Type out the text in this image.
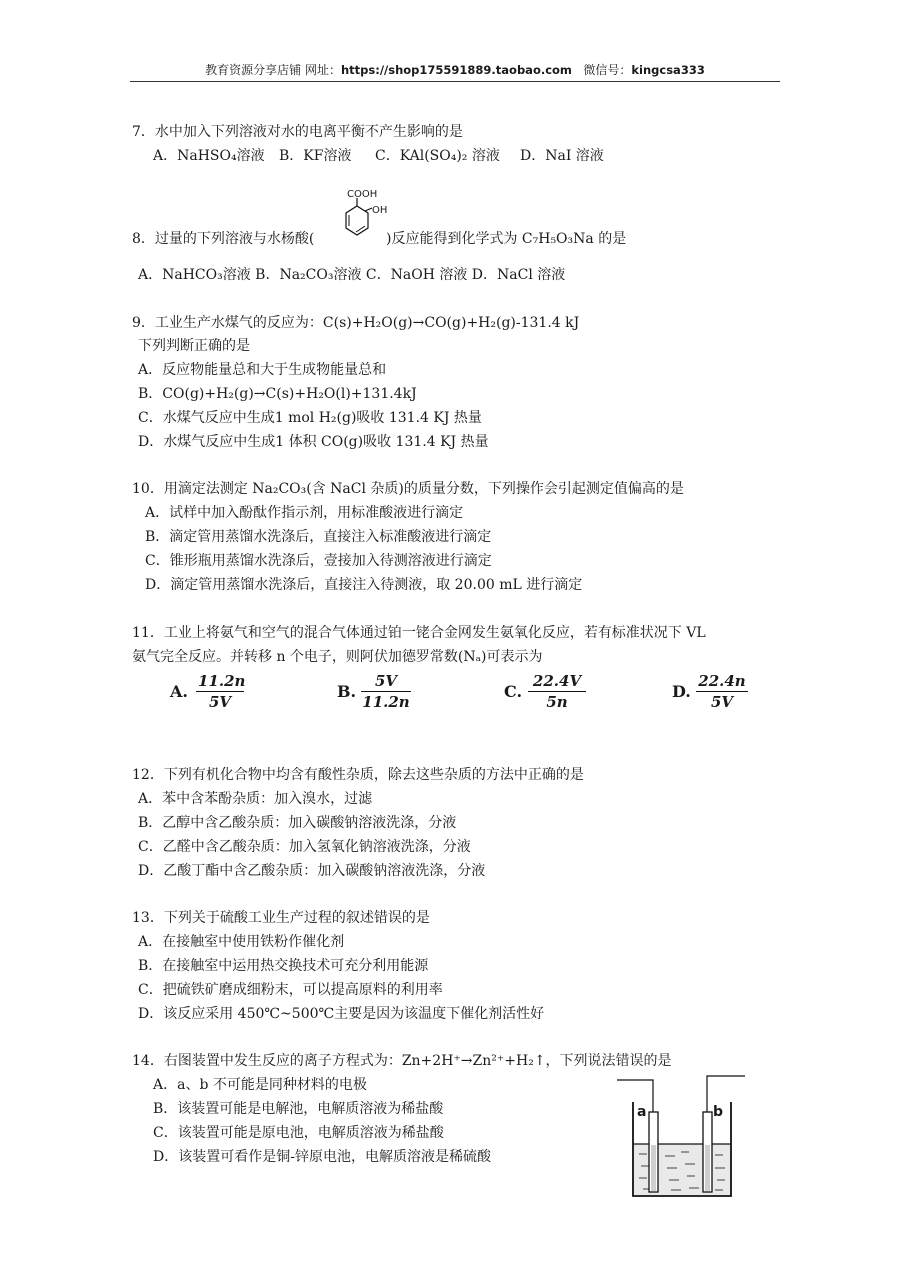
教育资源分享店铺 网址：https://shop175591889.taobao.com 微信号：kingcsa333
7．水中加入下列溶液对水的电离平衡不产生影响的是
A．NaHSO₄溶液 B．KF溶液 C．KAl(SO₄)₂ 溶液 D．NaI 溶液
COOH
OH
8．过量的下列溶液与水杨酸(	)反应能得到化学式为 C₇H₅O₃Na 的是
A．NaHCO₃溶液 B．Na₂CO₃溶液 C．NaOH 溶液 D．NaCl 溶液
9．工业生产水煤气的反应为：C(s)+H₂O(g)→CO(g)+H₂(g)-131.4 kJ
下列判断正确的是
A．反应物能量总和大于生成物能量总和
B．CO(g)+H₂(g)→C(s)+H₂O(l)+131.4kJ
C．水煤气反应中生成1 mol H₂(g)吸收 131.4 KJ 热量
D．水煤气反应中生成1 体积 CO(g)吸收 131.4 KJ 热量
10．用滴定法测定 Na₂CO₃(含 NaCl 杂质)的质量分数，下列操作会引起测定值偏高的是
A．试样中加入酚酞作指示剂，用标准酸液进行滴定
B．滴定管用蒸馏水洗涤后，直接注入标准酸液进行滴定
C．锥形瓶用蒸馏水洗涤后，壹接加入待测溶液进行滴定
D．滴定管用蒸馏水洗涤后，直接注入待测液，取 20.00 mL 进行滴定
11．工业上将氨气和空气的混合气体通过铂一铑合金网发生氨氧化反应，若有标准状况下 VL
氨气完全反应。并转移 n 个电子，则阿伏加德罗常数(Nₐ)可表示为
A. $\frac{11.2n}{5V}$	B. $\frac{5V}{11.2n}$	C. $\frac{22.4V}{5n}$	D. $\frac{22.4n}{5V}$
12．下列有机化合物中均含有酸性杂质，除去这些杂质的方法中正确的是
A．苯中含苯酚杂质：加入溴水，过滤
B．乙醇中含乙酸杂质：加入碳酸钠溶液洗涤，分液
C．乙醛中含乙酸杂质：加入氢氧化钠溶液洗涤，分液
D．乙酸丁酯中含乙酸杂质：加入碳酸钠溶液洗涤，分液
13．下列关于硫酸工业生产过程的叙述错误的是
A．在接触室中使用铁粉作催化剂
B．在接触室中运用热交换技术可充分利用能源
C．把硫铁矿磨成细粉末，可以提高原料的利用率
D．该反应采用 450℃~500℃主要是因为该温度下催化剂活性好
14．右图装置中发生反应的离子方程式为：Zn+2H⁺→Zn²⁺+H₂↑，下列说法错误的是
A．a、b 不可能是同种材料的电极
B．该装置可能是电解池，电解质溶液为稀盐酸
C．该装置可能是原电池，电解质溶液为稀盐酸
D．该装置可看作是铜-锌原电池，电解质溶液是稀硫酸
a	b
